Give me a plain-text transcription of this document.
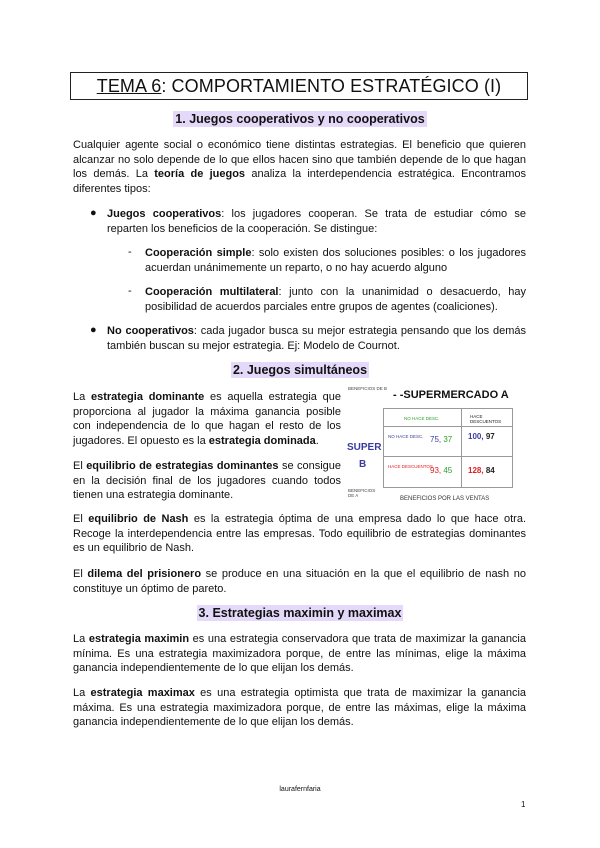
TEMA 6: COMPORTAMIENTO ESTRATÉGICO (I)
1. Juegos cooperativos y no cooperativos
Cualquier agente social o económico tiene distintas estrategias. El beneficio que quieren alcanzar no solo depende de lo que ellos hacen sino que también depende de lo que hagan los demás. La teoría de juegos analiza la interdependencia estratégica. Encontramos diferentes tipos:
● Juegos cooperativos: los jugadores cooperan. Se trata de estudiar cómo se reparten los beneficios de la cooperación. Se distingue:
- Cooperación simple: solo existen dos soluciones posibles: o los jugadores acuerdan unánimemente un reparto, o no hay acuerdo alguno
- Cooperación multilateral: junto con la unanimidad o desacuerdo, hay posibilidad de acuerdos parciales entre grupos de agentes (coaliciones).
● No cooperativos: cada jugador busca su mejor estrategia pensando que los demás también buscan su mejor estrategia. Ej: Modelo de Cournot.
2. Juegos simultáneos
La estrategia dominante es aquella estrategia que proporciona al jugador la máxima ganancia posible con independencia de lo que hagan el resto de los jugadores. El opuesto es la estrategia dominada.
El equilibrio de estrategias dominantes se consigue en la decisión final de los jugadores cuando todos tienen una estrategia dominante.
BENEFICIOS DE B
- -SUPERMERCADO A
SUPER
B
BENEFICIOS DE A
NO HACE DESC.	HACE DESCUENTOS
NO HACE DESC.
HACE DESCUENTOS
75, 37 100, 97
93, 45 128, 84
BENEFICIOS POR LAS VENTAS
El equilibrio de Nash es la estrategia óptima de una empresa dado lo que hace otra. Recoge la interdependencia entre las empresas. Todo equilibrio de estrategias dominantes es un equilibrio de Nash.
El dilema del prisionero se produce en una situación en la que el equilibrio de nash no constituye un óptimo de pareto.
3. Estrategias maximin y maximax
La estrategia maximin es una estrategia conservadora que trata de maximizar la ganancia mínima. Es una estrategia maximizadora porque, de entre las mínimas, elige la máxima ganancia independientemente de lo que elijan los demás.
La estrategia maximax es una estrategia optimista que trata de maximizar la ganancia máxima. Es una estrategia maximizadora porque, de entre las máximas, elige la máxima ganancia independientemente de lo que elijan los demás.
laurafernfaria
1
